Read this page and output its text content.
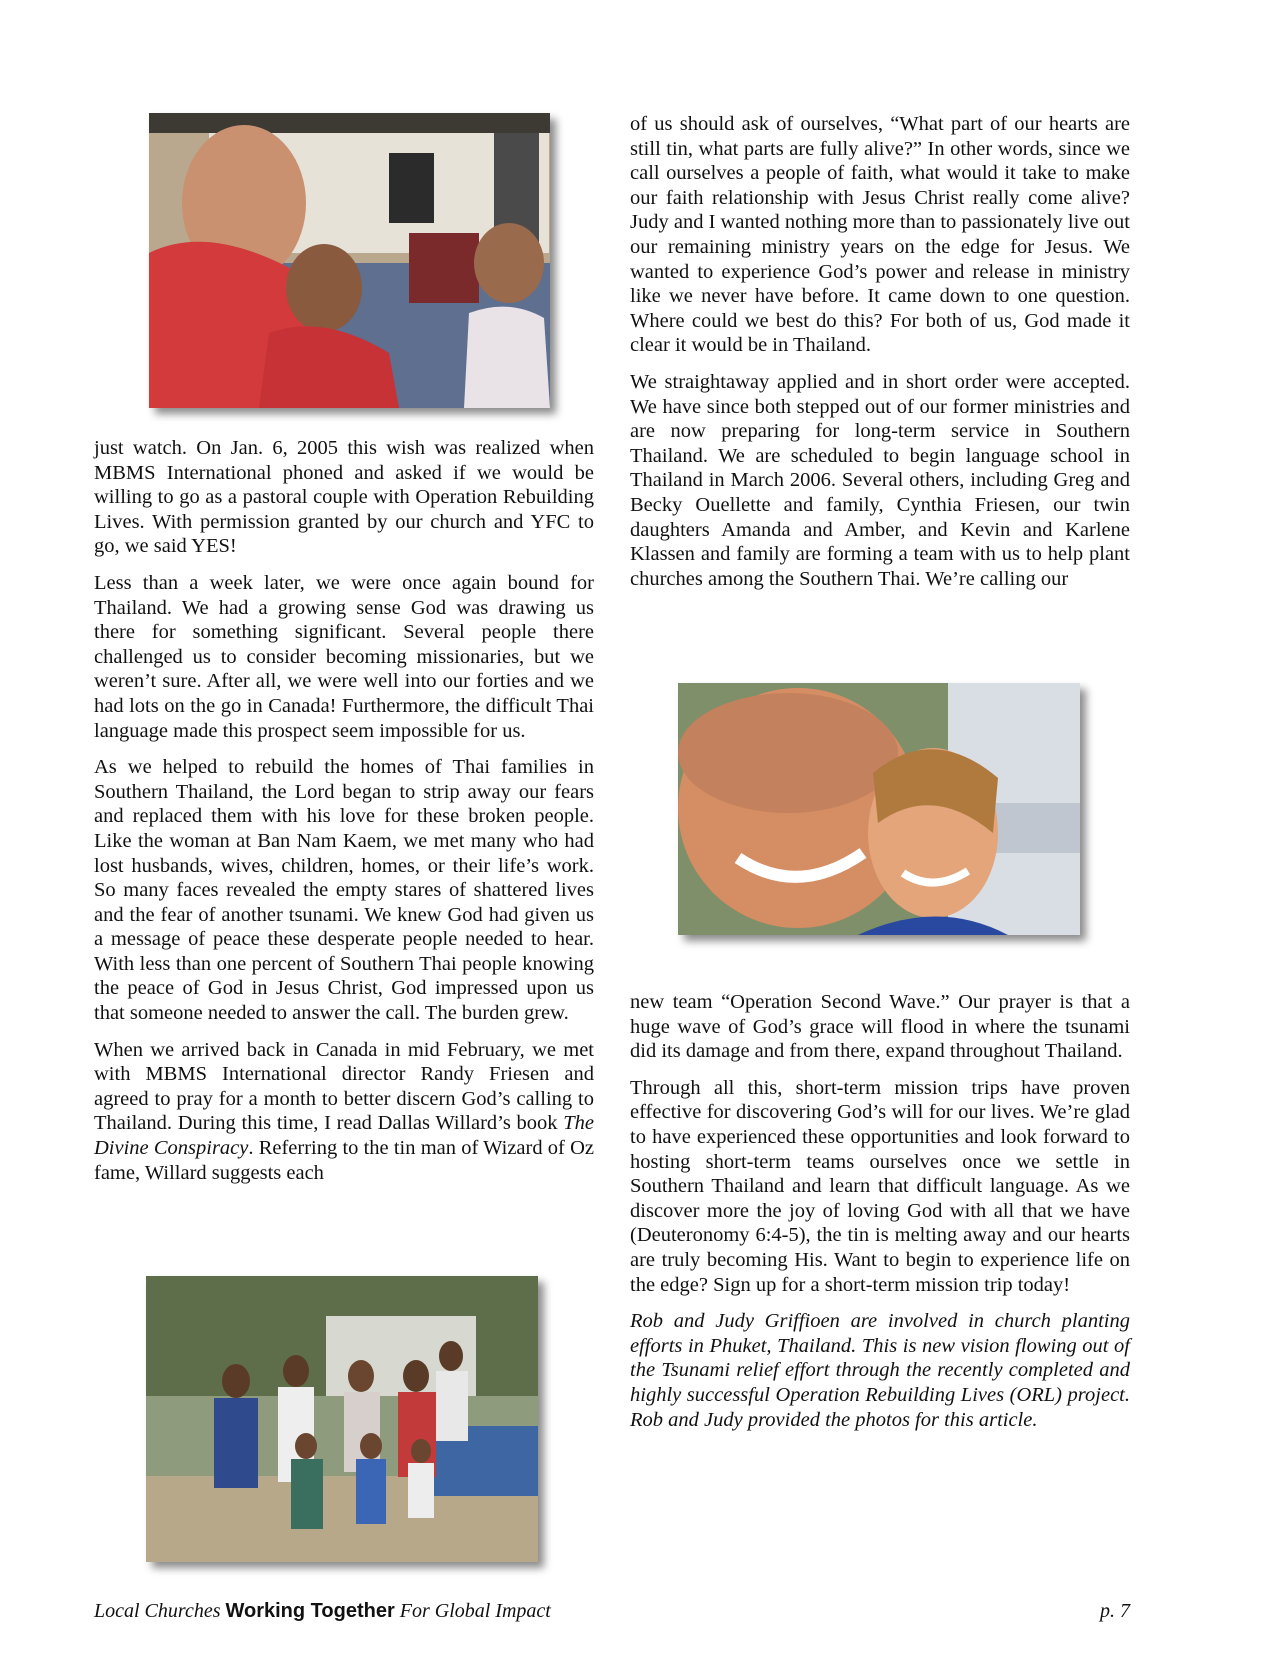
just watch. On Jan. 6, 2005 this wish was realized when MBMS International phoned and asked if we would be willing to go as a pastoral couple with Operation Rebuilding Lives. With permission granted by our church and YFC to go, we said YES!

Less than a week later, we were once again bound for Thailand. We had a growing sense God was drawing us there for something significant. Several people there challenged us to consider becoming missionaries, but we weren’t sure. After all, we were well into our forties and we had lots on the go in Canada! Furthermore, the difficult Thai language made this prospect seem impossible for us.

As we helped to rebuild the homes of Thai families in Southern Thailand, the Lord began to strip away our fears and replaced them with his love for these broken people. Like the woman at Ban Nam Kaem, we met many who had lost husbands, wives, children, homes, or their life’s work. So many faces revealed the empty stares of shattered lives and the fear of another tsunami. We knew God had given us a message of peace these desperate people needed to hear. With less than one percent of Southern Thai people knowing the peace of God in Jesus Christ, God impressed upon us that someone needed to answer the call. The burden grew.

When we arrived back in Canada in mid February, we met with MBMS International director Randy Friesen and agreed to pray for a month to better discern God’s calling to Thailand. During this time, I read Dallas Willard’s book The Divine Conspiracy. Referring to the tin man of Wizard of Oz fame, Willard suggests each

of us should ask of ourselves, “What part of our hearts are still tin, what parts are fully alive?” In other words, since we call ourselves a people of faith, what would it take to make our faith relationship with Jesus Christ really come alive? Judy and I wanted nothing more than to passionately live out our remaining ministry years on the edge for Jesus. We wanted to experience God’s power and release in ministry like we never have before. It came down to one question. Where could we best do this? For both of us, God made it clear it would be in Thailand.

We straightaway applied and in short order were accepted. We have since both stepped out of our former ministries and are now preparing for long-term service in Southern Thailand. We are scheduled to begin language school in Thailand in March 2006. Several others, including Greg and Becky Ouellette and family, Cynthia Friesen, our twin daughters Amanda and Amber, and Kevin and Karlene Klassen and family are forming a team with us to help plant churches among the Southern Thai. We’re calling our

new team “Operation Second Wave.” Our prayer is that a huge wave of God’s grace will flood in where the tsunami did its damage and from there, expand throughout Thailand.

Through all this, short-term mission trips have proven effective for discovering God’s will for our lives. We’re glad to have experienced these opportunities and look forward to hosting short-term teams ourselves once we settle in Southern Thailand and learn that difficult language. As we discover more the joy of loving God with all that we have (Deuteronomy 6:4-5), the tin is melting away and our hearts are truly becoming His. Want to begin to experience life on the edge? Sign up for a short-term mission trip today!

Rob and Judy Griffioen are involved in church planting efforts in Phuket, Thailand. This is new vision flowing out of the Tsunami relief effort through the recently completed and highly successful Operation Rebuilding Lives (ORL) project. Rob and Judy provided the photos for this article.

Local Churches Working Together For Global Impact	p. 7
